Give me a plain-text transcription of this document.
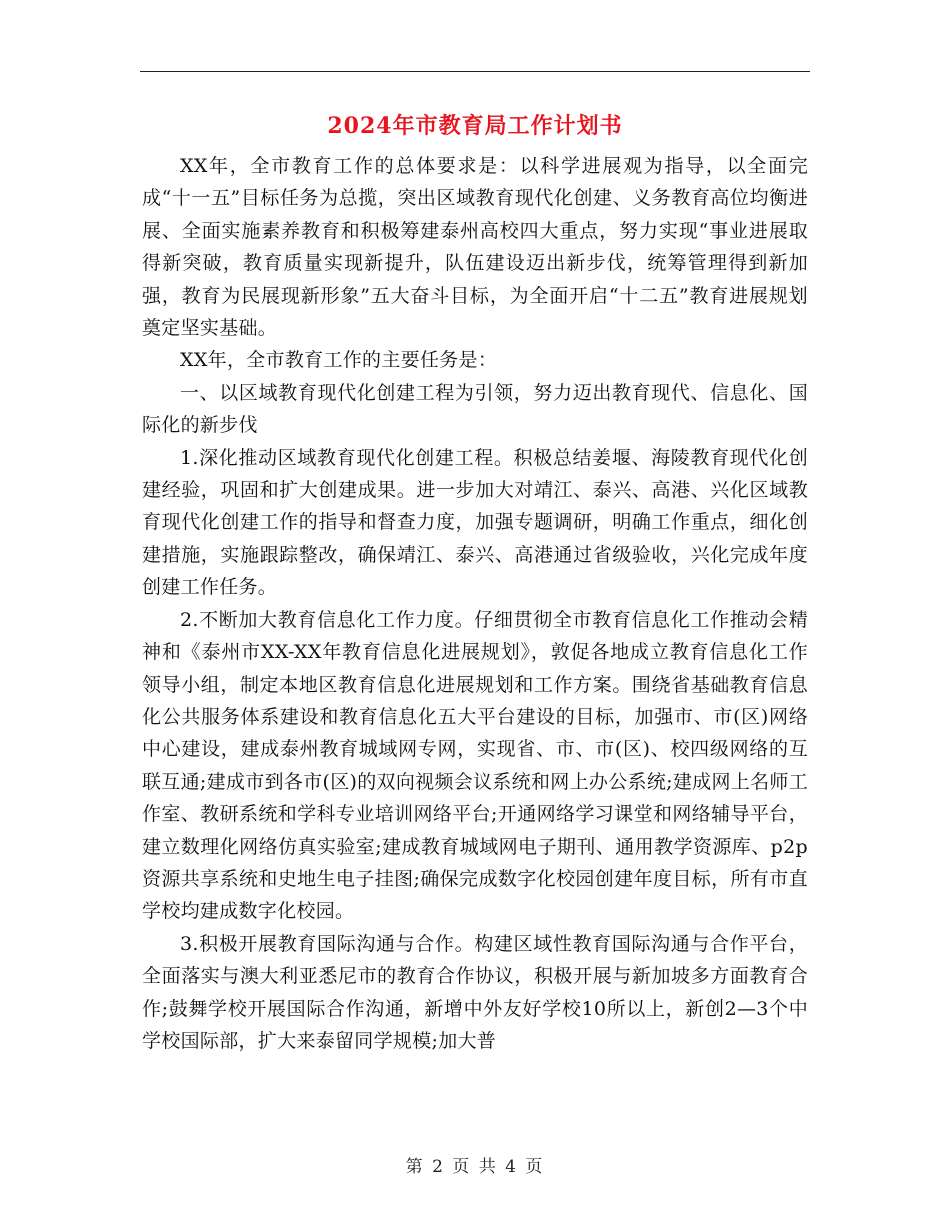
2024年市教育局工作计划书

XX年，全市教育工作的总体要求是：以科学进展观为指导，以全面完成“十一五”目标任务为总揽，突出区域教育现代化创建、义务教育高位均衡进展、全面实施素养教育和积极筹建泰州高校四大重点，努力实现“事业进展取得新突破，教育质量实现新提升，队伍建设迈出新步伐，统筹管理得到新加强，教育为民展现新形象”五大奋斗目标，为全面开启“十二五”教育进展规划奠定坚实基础。

XX年，全市教育工作的主要任务是：

一、以区域教育现代化创建工程为引领，努力迈出教育现代、信息化、国际化的新步伐

1.深化推动区域教育现代化创建工程。积极总结姜堰、海陵教育现代化创建经验，巩固和扩大创建成果。进一步加大对靖江、泰兴、高港、兴化区域教育现代化创建工作的指导和督查力度，加强专题调研，明确工作重点，细化创建措施，实施跟踪整改，确保靖江、泰兴、高港通过省级验收，兴化完成年度创建工作任务。

2.不断加大教育信息化工作力度。仔细贯彻全市教育信息化工作推动会精神和《泰州市XX-XX年教育信息化进展规划》，敦促各地成立教育信息化工作领导小组，制定本地区教育信息化进展规划和工作方案。围绕省基础教育信息化公共服务体系建设和教育信息化五大平台建设的目标，加强市、市(区)网络中心建设，建成泰州教育城域网专网，实现省、市、市(区)、校四级网络的互联互通;建成市到各市(区)的双向视频会议系统和网上办公系统;建成网上名师工作室、教研系统和学科专业培训网络平台;开通网络学习课堂和网络辅导平台，建立数理化网络仿真实验室;建成教育城域网电子期刊、通用教学资源库、p2p资源共享系统和史地生电子挂图;确保完成数字化校园创建年度目标，所有市直学校均建成数字化校园。

3.积极开展教育国际沟通与合作。构建区域性教育国际沟通与合作平台，全面落实与澳大利亚悉尼市的教育合作协议，积极开展与新加坡多方面教育合作;鼓舞学校开展国际合作沟通，新增中外友好学校10所以上，新创2—3个中学校国际部，扩大来泰留同学规模;加大普

第 2 页 共 4 页
